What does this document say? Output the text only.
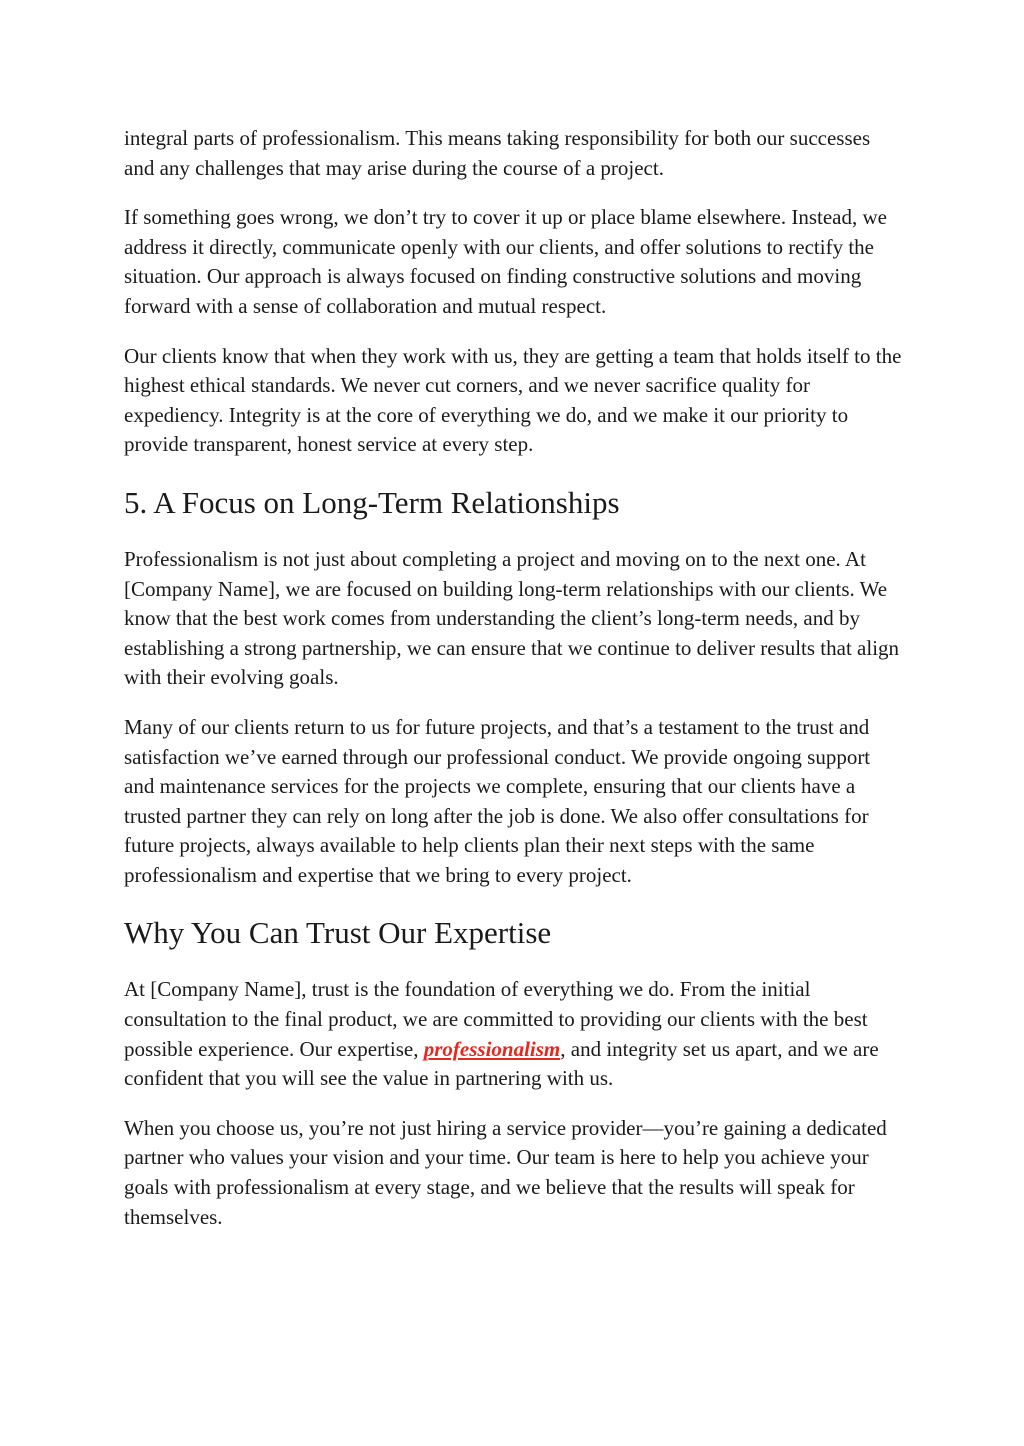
integral parts of professionalism. This means taking responsibility for both our successes and any challenges that may arise during the course of a project.

If something goes wrong, we don’t try to cover it up or place blame elsewhere. Instead, we address it directly, communicate openly with our clients, and offer solutions to rectify the situation. Our approach is always focused on finding constructive solutions and moving forward with a sense of collaboration and mutual respect.

Our clients know that when they work with us, they are getting a team that holds itself to the highest ethical standards. We never cut corners, and we never sacrifice quality for expediency. Integrity is at the core of everything we do, and we make it our priority to provide transparent, honest service at every step.

5. A Focus on Long-Term Relationships

Professionalism is not just about completing a project and moving on to the next one. At [Company Name], we are focused on building long-term relationships with our clients. We know that the best work comes from understanding the client’s long-term needs, and by establishing a strong partnership, we can ensure that we continue to deliver results that align with their evolving goals.

Many of our clients return to us for future projects, and that’s a testament to the trust and satisfaction we’ve earned through our professional conduct. We provide ongoing support and maintenance services for the projects we complete, ensuring that our clients have a trusted partner they can rely on long after the job is done. We also offer consultations for future projects, always available to help clients plan their next steps with the same professionalism and expertise that we bring to every project.

Why You Can Trust Our Expertise

At [Company Name], trust is the foundation of everything we do. From the initial consultation to the final product, we are committed to providing our clients with the best possible experience. Our expertise, professionalism, and integrity set us apart, and we are confident that you will see the value in partnering with us.

When you choose us, you’re not just hiring a service provider—you’re gaining a dedicated partner who values your vision and your time. Our team is here to help you achieve your goals with professionalism at every stage, and we believe that the results will speak for themselves.
